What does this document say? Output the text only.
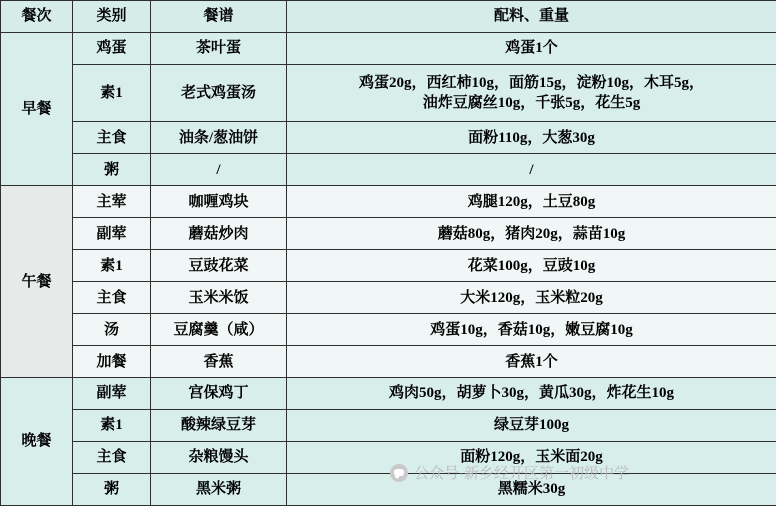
餐次	类别	餐谱	配料、重量
早餐	鸡蛋	茶叶蛋	鸡蛋1个
	素1	老式鸡蛋汤	鸡蛋20g，西红柿10g，面筋15g，淀粉10g，木耳5g，
油炸豆腐丝10g，千张5g，花生5g

	主食	油条/葱油饼	面粉110g，大葱30g
	粥	/	/
午餐	主荤	咖喱鸡块	鸡腿120g，土豆80g
	副荤	蘑菇炒肉	蘑菇80g，猪肉20g，蒜苗10g
	素1	豆豉花菜	花菜100g，豆豉10g
	主食	玉米米饭	大米120g，玉米粒20g
	汤	豆腐羹（咸）	鸡蛋10g，香菇10g，嫩豆腐10g
	加餐	香蕉	香蕉1个
晚餐	副荤	宫保鸡丁	鸡肉50g，胡萝卜30g，黄瓜30g，炸花生10g
	素1	酸辣绿豆芽	绿豆芽100g
	主食	杂粮馒头	面粉120g，玉米面20g
	粥	黑米粥	黑糯米30g
公众号·新乡经开区第一初级中学
